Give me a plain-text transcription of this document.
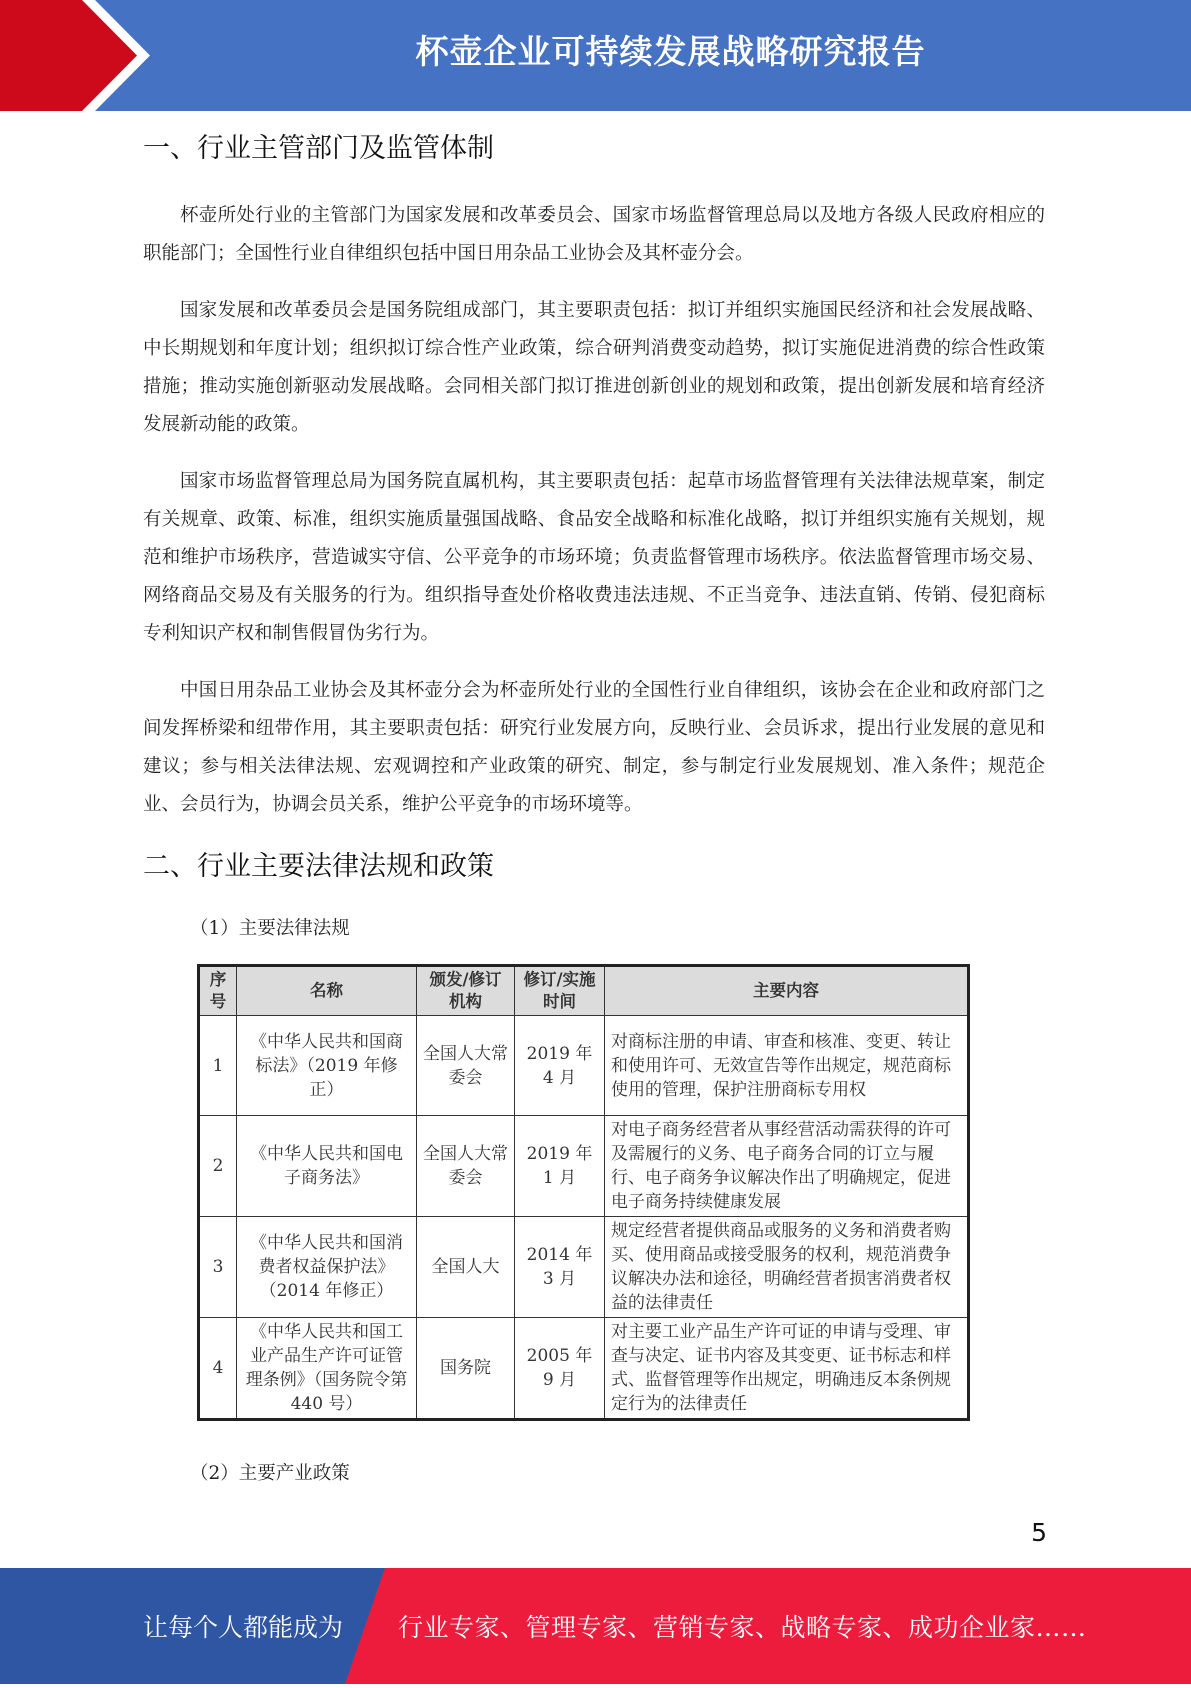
杯壶企业可持续发展战略研究报告
一、行业主管部门及监管体制

杯壶所处行业的主管部门为国家发展和改革委员会、国家市场监督管理总局以及地方各级人民政府相应的职能部门；全国性行业自律组织包括中国日用杂品工业协会及其杯壶分会。

国家发展和改革委员会是国务院组成部门，其主要职责包括：拟订并组织实施国民经济和社会发展战略、中长期规划和年度计划；组织拟订综合性产业政策，综合研判消费变动趋势，拟订实施促进消费的综合性政策措施；推动实施创新驱动发展战略。会同相关部门拟订推进创新创业的规划和政策，提出创新发展和培育经济发展新动能的政策。

国家市场监督管理总局为国务院直属机构，其主要职责包括：起草市场监督管理有关法律法规草案，制定有关规章、政策、标准，组织实施质量强国战略、食品安全战略和标准化战略，拟订并组织实施有关规划，规范和维护市场秩序，营造诚实守信、公平竞争的市场环境；负责监督管理市场秩序。依法监督管理市场交易、网络商品交易及有关服务的行为。组织指导查处价格收费违法违规、不正当竞争、违法直销、传销、侵犯商标专利知识产权和制售假冒伪劣行为。

中国日用杂品工业协会及其杯壶分会为杯壶所处行业的全国性行业自律组织，该协会在企业和政府部门之间发挥桥梁和纽带作用，其主要职责包括：研究行业发展方向，反映行业、会员诉求，提出行业发展的意见和建议；参与相关法律法规、宏观调控和产业政策的研究、制定，参与制定行业发展规划、准入条件；规范企业、会员行为，协调会员关系，维护公平竞争的市场环境等。

二、行业主要法律法规和政策
（1）主要法律法规
序号	名称	颁发/修订机构	修订/实施时间	主要内容
1	《中华人民共和国商标法》（2019 年修正）	全国人大常委会	2019 年 4 月	对商标注册的申请、审查和核准、变更、转让和使用许可、无效宣告等作出规定，规范商标使用的管理，保护注册商标专用权
2	《中华人民共和国电子商务法》	全国人大常委会	2019 年 1 月	对电子商务经营者从事经营活动需获得的许可及需履行的义务、电子商务合同的订立与履行、电子商务争议解决作出了明确规定，促进电子商务持续健康发展
3	《中华人民共和国消费者权益保护法》（2014 年修正）	全国人大	2014 年 3 月	规定经营者提供商品或服务的义务和消费者购买、使用商品或接受服务的权利，规范消费争议解决办法和途径，明确经营者损害消费者权益的法律责任
4	《中华人民共和国工业产品生产许可证管理条例》（国务院令第 440 号）	国务院	2005 年 9 月	对主要工业产品生产许可证的申请与受理、审查与决定、证书内容及其变更、证书标志和样式、监督管理等作出规定，明确违反本条例规定行为的法律责任
（2）主要产业政策
5
让每个人都能成为 行业专家、管理专家、营销专家、战略专家、成功企业家……
